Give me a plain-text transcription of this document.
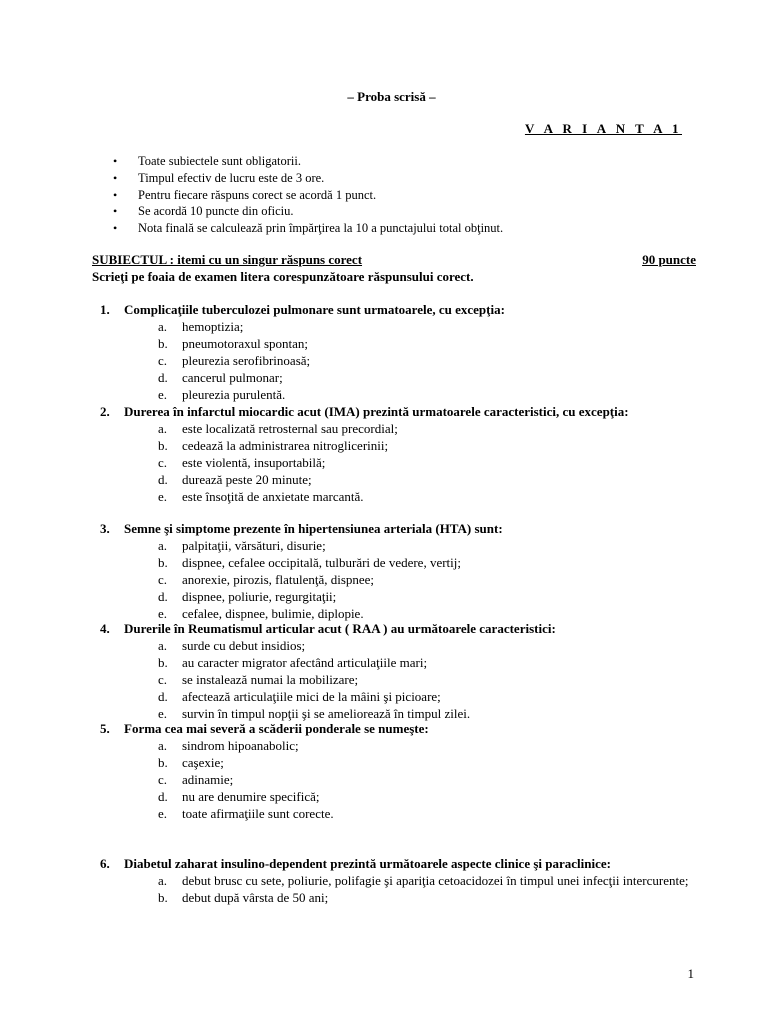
– Proba scrisă –
V A R I A N T A 1
• Toate subiectele sunt obligatorii.
• Timpul efectiv de lucru este de 3 ore.
• Pentru fiecare răspuns corect se acordă 1 punct.
• Se acordă 10 puncte din oficiu.
• Nota finală se calculează prin împărţirea la 10 a punctajului total obţinut.
SUBIECTUL : itemi cu un singur răspuns corect	90 puncte
Scrieţi pe foaia de examen litera corespunzătoare răspunsului corect.
1.	Complicaţiile tuberculozei pulmonare sunt urmatoarele, cu excepţia:
a.	hemoptizia;
b.	pneumotoraxul spontan;
c.	pleurezia serofibrinoasă;
d.	cancerul pulmonar;
e.	pleurezia purulentă.
2.	Durerea în infarctul miocardic acut (IMA) prezintă urmatoarele caracteristici, cu excepţia:
a.	este localizată retrosternal sau precordial;
b.	cedează la administrarea nitroglicerinii;
c.	este violentă, insuportabilă;
d.	durează peste 20 minute;
e.	este însoţită de anxietate marcantă.
3.	Semne şi simptome prezente în hipertensiunea arteriala (HTA) sunt:
a.	palpitaţii, vărsături, disurie;
b.	dispnee, cefalee occipitală, tulburări de vedere, vertij;
c.	anorexie, pirozis, flatulenţă, dispnee;
d.	dispnee, poliurie, regurgitaţii;
e.	cefalee, dispnee, bulimie, diplopie.
4.	Durerile în Reumatismul articular acut ( RAA ) au următoarele caracteristici:
a.	surde cu debut insidios;
b.	au caracter migrator afectând articulaţiile mari;
c.	se instalează numai la mobilizare;
d.	afectează articulaţiile mici de la mâini şi picioare;
e.	survin în timpul nopţii şi se ameliorează în timpul zilei.
5.	Forma cea mai severă a scăderii ponderale se numeşte:
a.	sindrom hipoanabolic;
b.	caşexie;
c.	adinamie;
d.	nu are denumire specifică;
e.	toate afirmaţiile sunt corecte.
6.	Diabetul zaharat insulino-dependent prezintă următoarele aspecte clinice şi paraclinice:
a.	debut brusc cu sete, poliurie, polifagie şi apariţia cetoacidozei în timpul unei infecţii intercurente;
b.	debut după vârsta de 50 ani;
1
